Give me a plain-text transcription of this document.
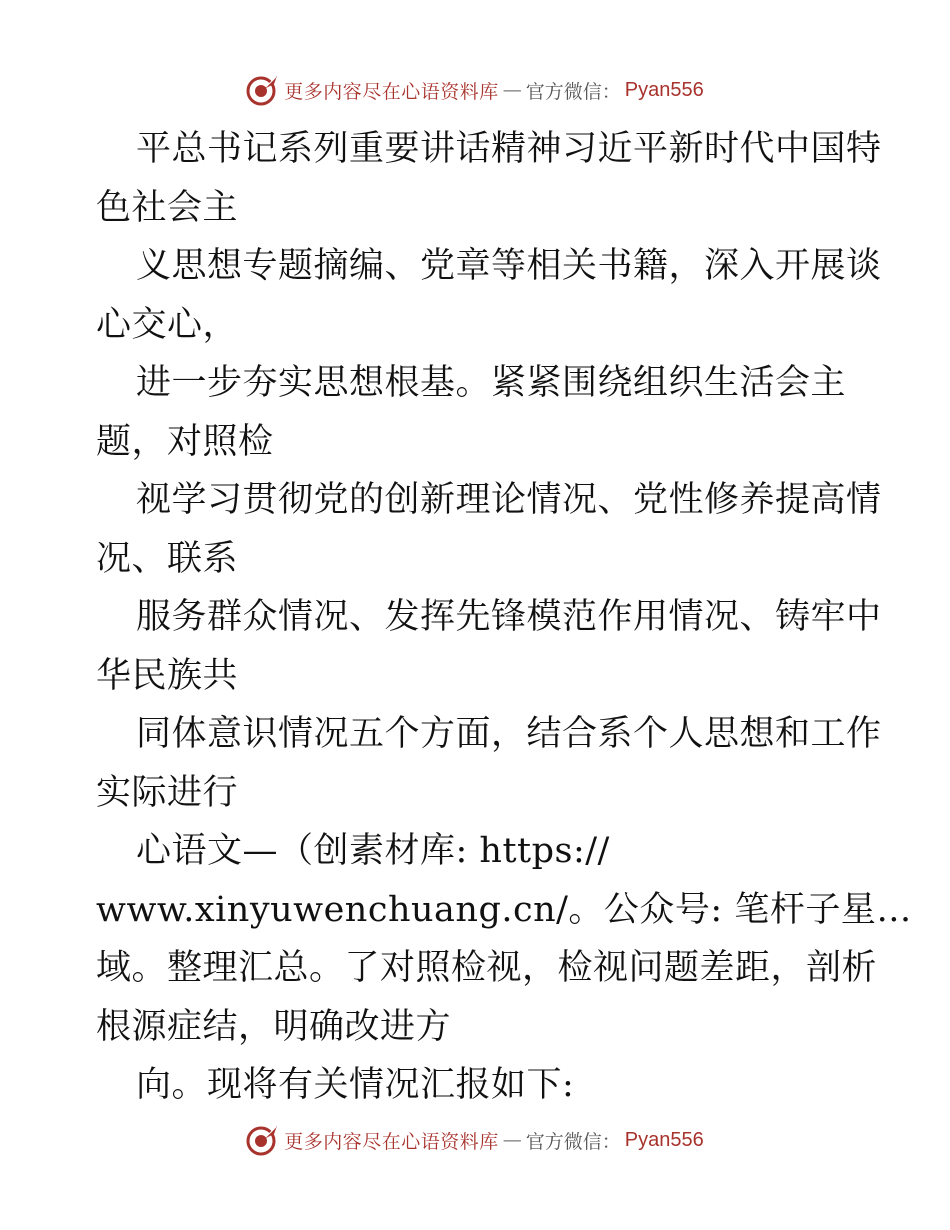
更多内容尽在心语资料库 — 官方微信： Pyan556
平总书记系列重要讲话精神习近平新时代中国特
色社会主
义思想专题摘编、党章等相关书籍，深入开展谈
心交心，
进一步夯实思想根基。紧紧围绕组织生活会主
题，对照检
视学习贯彻党的创新理论情况、党性修养提高情
况、联系
服务群众情况、发挥先锋模范作用情况、铸牢中
华民族共
同体意识情况五个方面，结合系个人思想和工作
实际进行
心语文—（创素材库: https://
www.xinyuwenchuang.cn/。公众号: 笔杆子星…
域。整理汇总。了对照检视，检视问题差距，剖析
根源症结，明确改进方
向。现将有关情况汇报如下:
更多内容尽在心语资料库 — 官方微信： Pyan556
